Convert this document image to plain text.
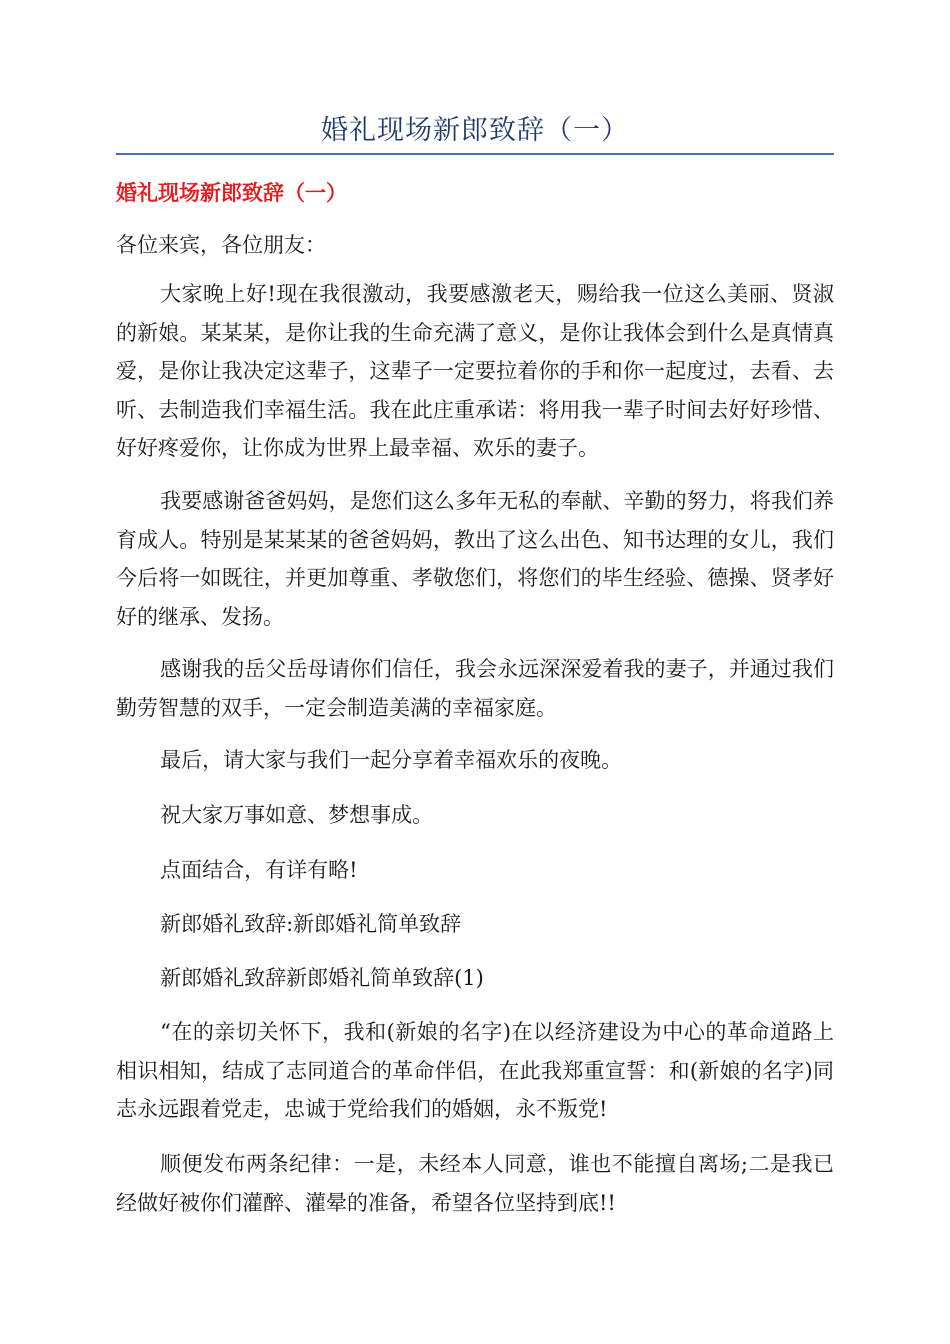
婚礼现场新郎致辞（一）
婚礼现场新郎致辞（一）

各位来宾，各位朋友：

大家晚上好!现在我很激动，我要感激老天，赐给我一位这么美丽、贤淑的新娘。某某某，是你让我的生命充满了意义，是你让我体会到什么是真情真爱，是你让我决定这辈子，这辈子一定要拉着你的手和你一起度过，去看、去听、去制造我们幸福生活。我在此庄重承诺：将用我一辈子时间去好好珍惜、好好疼爱你，让你成为世界上最幸福、欢乐的妻子。

我要感谢爸爸妈妈，是您们这么多年无私的奉献、辛勤的努力，将我们养育成人。特别是某某某的爸爸妈妈，教出了这么出色、知书达理的女儿，我们今后将一如既往，并更加尊重、孝敬您们，将您们的毕生经验、德操、贤孝好好的继承、发扬。

感谢我的岳父岳母请你们信任，我会永远深深爱着我的妻子，并通过我们勤劳智慧的双手，一定会制造美满的幸福家庭。

最后，请大家与我们一起分享着幸福欢乐的夜晚。

祝大家万事如意、梦想事成。

点面结合，有详有略!

新郎婚礼致辞:新郎婚礼简单致辞

新郎婚礼致辞新郎婚礼简单致辞(1)

“在的亲切关怀下，我和(新娘的名字)在以经济建设为中心的革命道路上相识相知，结成了志同道合的革命伴侣，在此我郑重宣誓：和(新娘的名字)同志永远跟着党走，忠诚于党给我们的婚姻，永不叛党!

顺便发布两条纪律：一是，未经本人同意，谁也不能擅自离场;二是我已经做好被你们灌醉、灌晕的准备，希望各位坚持到底!!
